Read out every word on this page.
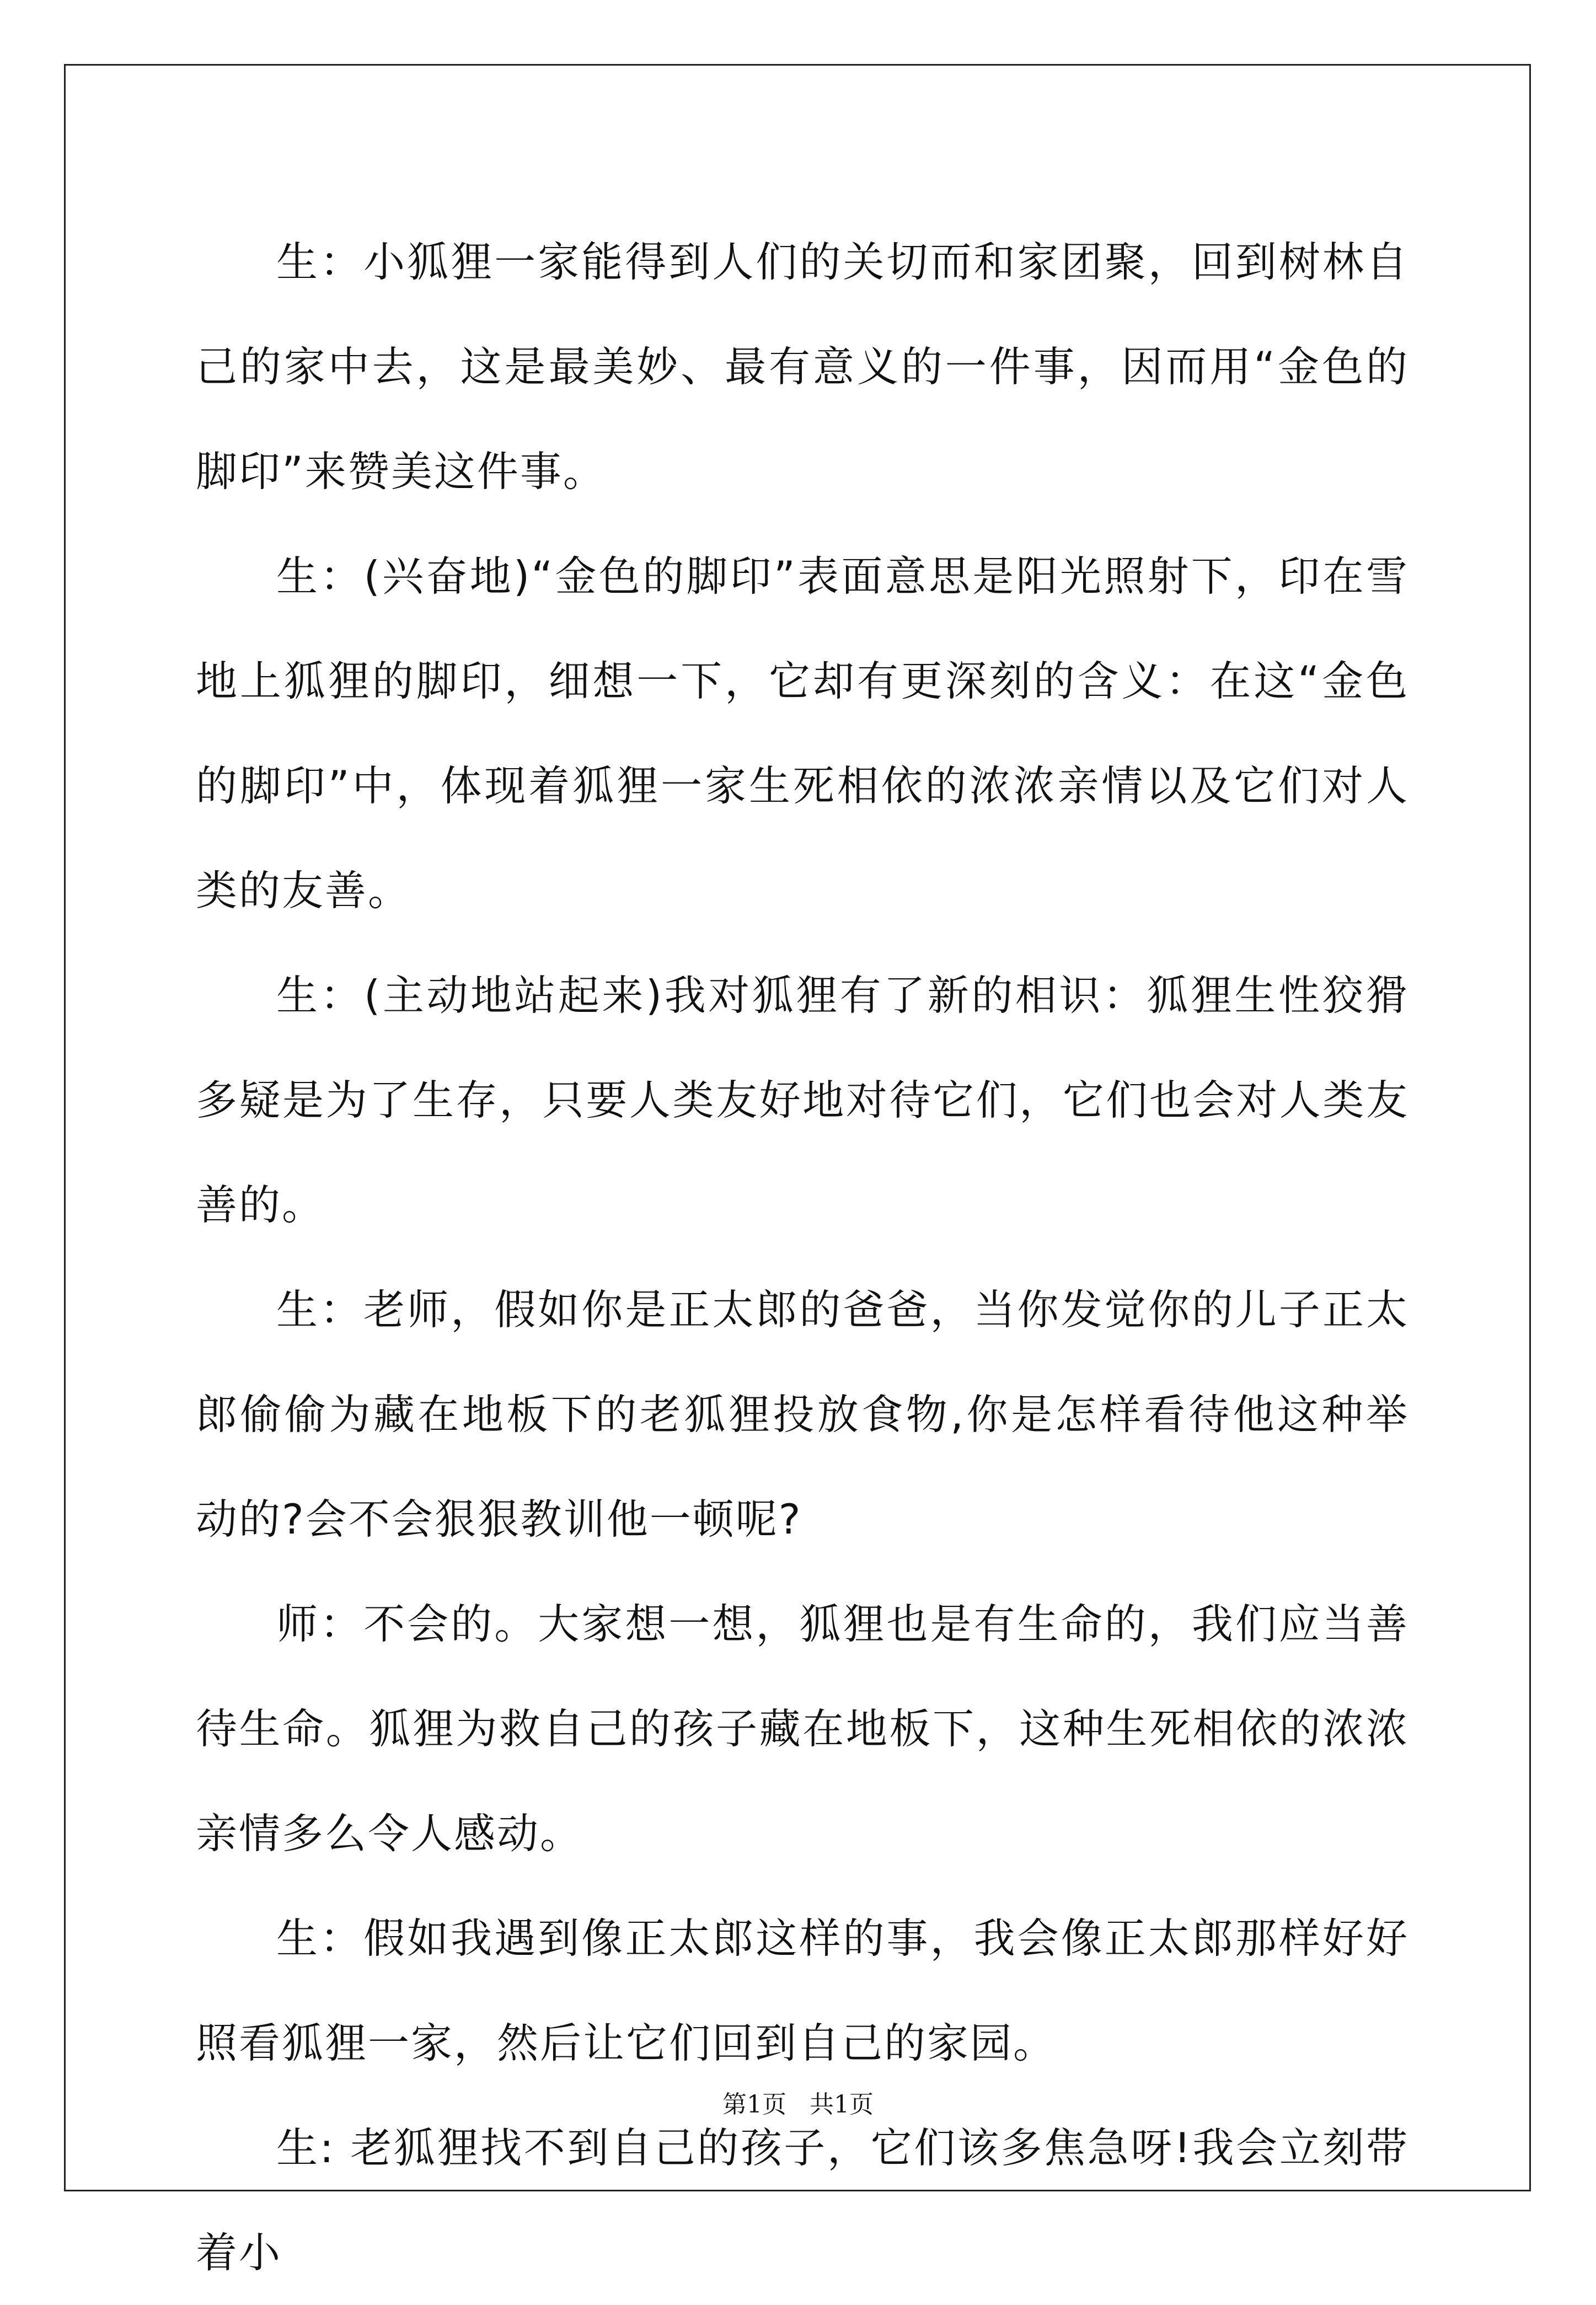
生：小狐狸一家能得到人们的关切而和家团聚，回到树林自己的家中去，这是最美妙、最有意义的一件事，因而用“金色的脚印”来赞美这件事。

生：(兴奋地)“金色的脚印”表面意思是阳光照射下，印在雪地上狐狸的脚印，细想一下，它却有更深刻的含义：在这“金色的脚印”中，体现着狐狸一家生死相依的浓浓亲情以及它们对人类的友善。

生：(主动地站起来)我对狐狸有了新的相识：狐狸生性狡猾多疑是为了生存，只要人类友好地对待它们，它们也会对人类友善的。

生：老师，假如你是正太郎的爸爸，当你发觉你的儿子正太郎偷偷为藏在地板下的老狐狸投放食物,你是怎样看待他这种举动的?会不会狠狠教训他一顿呢?

师：不会的。大家想一想，狐狸也是有生命的，我们应当善待生命。狐狸为救自己的孩子藏在地板下，这种生死相依的浓浓亲情多么令人感动。

生：假如我遇到像正太郎这样的事，我会像正太郎那样好好照看狐狸一家，然后让它们回到自己的家园。

生: 老狐狸找不到自己的孩子，它们该多焦急呀!我会立刻带着小

第1页   共1页
